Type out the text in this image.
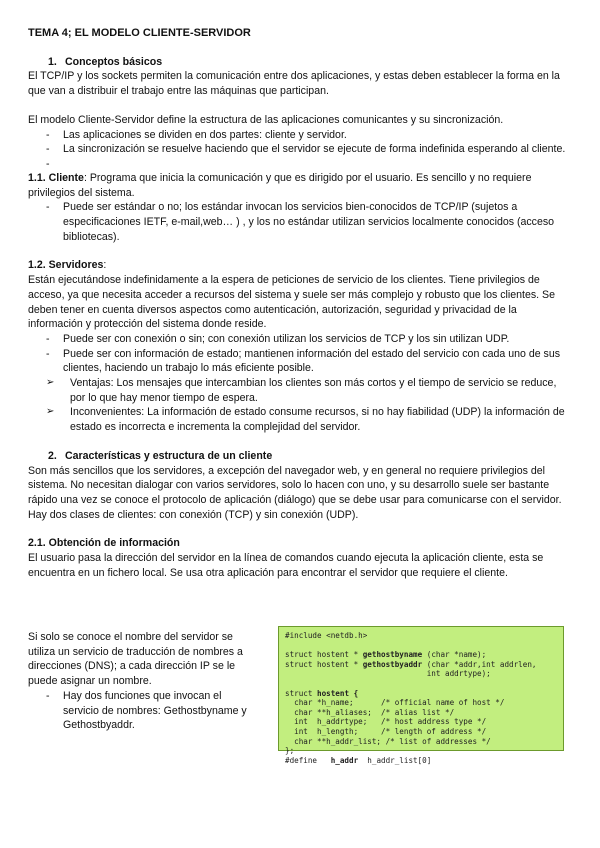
TEMA 4; EL MODELO CLIENTE-SERVIDOR

1. Conceptos básicos

El TCP/IP y los sockets permiten la comunicación entre dos aplicaciones, y estas deben establecer la forma en la que van a distribuir el trabajo entre las máquinas que participan.

El modelo Cliente-Servidor define la estructura de las aplicaciones comunicantes y su sincronización.

- Las aplicaciones se dividen en dos partes: cliente y servidor.
- La sincronización se resuelve haciendo que el servidor se ejecute de forma indefinida esperando al cliente.
-

1.1. Cliente: Programa que inicia la comunicación y que es dirigido por el usuario. Es sencillo y no requiere privilegios del sistema.

- Puede ser estándar o no; los estándar invocan los servicios bien-conocidos de TCP/IP (sujetos a especificaciones IETF, e-mail,web… ) , y los no estándar utilizan servicios localmente conocidos (acceso bibliotecas).

1.2. Servidores:

Están ejecutándose indefinidamente a la espera de peticiones de servicio de los clientes. Tiene privilegios de acceso, ya que necesita acceder a recursos del sistema y suele ser más complejo y robusto que los clientes. Se deben tener en cuenta diversos aspectos como autenticación, autorización, seguridad y privacidad de la información y protección del sistema donde reside.

- Puede ser con conexión o sin; con conexión utilizan los servicios de TCP y los sin utilizan UDP.
- Puede ser con información de estado; mantienen información del estado del servicio con cada uno de sus clientes, haciendo un trabajo lo más eficiente posible.
➢ Ventajas: Los mensajes que intercambian los clientes son más cortos y el tiempo de servicio se reduce, por lo que hay menor tiempo de espera.
➢ Inconvenientes: La información de estado consume recursos, si no hay fiabilidad (UDP) la información de estado es incorrecta e incrementa la complejidad del servidor.

2. Características y estructura de un cliente

Son más sencillos que los servidores, a excepción del navegador web, y en general no requiere privilegios del sistema. No necesitan dialogar con varios servidores, solo lo hacen con uno, y su desarrollo suele ser bastante rápido una vez se conoce el protocolo de aplicación (diálogo) que se debe usar para comunicarse con el servidor.

Hay dos clases de clientes: con conexión (TCP) y sin conexión (UDP).

2.1. Obtención de información

El usuario pasa la dirección del servidor en la línea de comandos cuando ejecuta la aplicación cliente, esta se encuentra en un fichero local. Se usa otra aplicación para encontrar el servidor que requiere el cliente.

Si solo se conoce el nombre del servidor se utiliza un servicio de traducción de nombres a direcciones (DNS); a cada dirección IP se le puede asignar un nombre.

- Hay dos funciones que invocan el servicio de nombres: Gethostbyname y Gethostbyaddr.
#include <netdb.h>

struct hostent * gethostbyname (char *name);
struct hostent * gethostbyaddr (char *addr,int addrlen,
int addrtype);

struct hostent {
char *h_name;      /* official name of host */
char **h_aliases;  /* alias list */
int  h_addrtype;   /* host address type */
int  h_length;     /* length of address */
char **h_addr_list; /* list of addresses */
};
#define   h_addr  h_addr_list[0]
